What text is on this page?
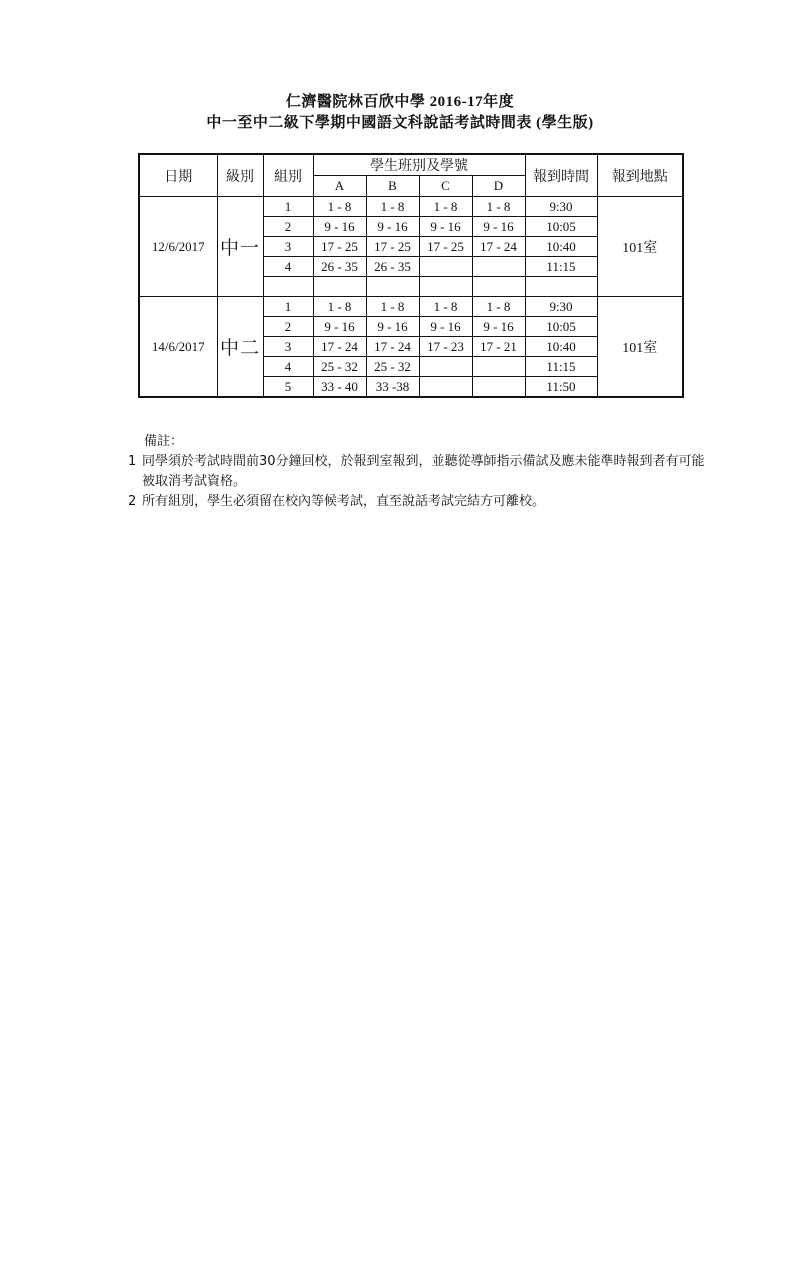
仁濟醫院林百欣中學 2016-17年度
中一至中二級下學期中國語文科說話考試時間表 (學生版)
日期	級別	組別	學生班別及學號				報到時間	報到地點
			A	B	C	D		
12/6/2017	中一	1	1 - 8	1 - 8	1 - 8	1 - 8	9:30	101室
		2	9 - 16	9 - 16	9 - 16	9 - 16	10:05	
		3	17 - 25	17 - 25	17 - 25	17 - 24	10:40	
		4	26 - 35	26 - 35			11:15	

14/6/2017	中二	1	1 - 8	1 - 8	1 - 8	1 - 8	9:30	101室
		2	9 - 16	9 - 16	9 - 16	9 - 16	10:05	
		3	17 - 24	17 - 24	17 - 23	17 - 21	10:40	
		4	25 - 32	25 - 32			11:15	
		5	33 - 40	33 -38			11:50	
備註：
1 同學須於考試時間前30分鐘回校，於報到室報到，並聽從導師指示備試及應未能準時報到者有可能被取消考試資格。
2 所有組別，學生必須留在校內等候考試，直至說話考試完結方可離校。
